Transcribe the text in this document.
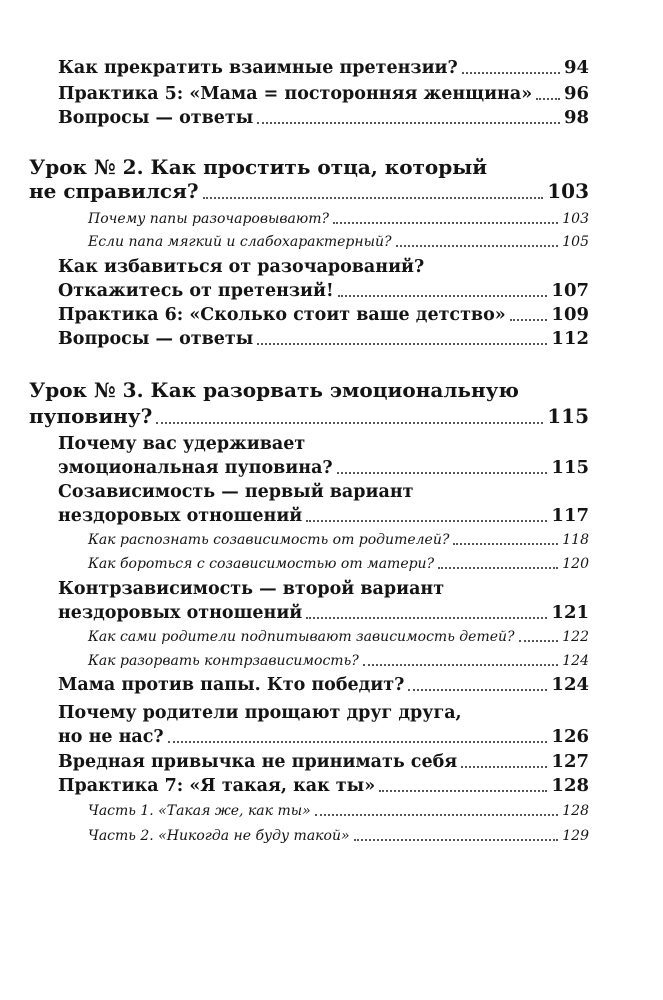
Как прекратить взаимные претензии?	94
Практика 5: «Мама = посторонняя женщина» 96
Вопросы — ответы	98
Урок № 2. Как простить отца, который
не справился?	103
Почему папы разочаровывают?	103
Если папа мягкий и слабохарактерный?	105
Как избавиться от разочарований?
Откажитесь от претензий!	107
Практика 6: «Сколько стоит ваше детство»	109
Вопросы — ответы	112
Урок № 3. Как разорвать эмоциональную
пуповину?	115
Почему вас удерживает
эмоциональная пуповина?	115
Созависимость — первый вариант
нездоровых отношений	117
Как распознать созависимость от родителей?	118
Как бороться с созависимостью от матери?	120
Контрзависимость — второй вариант
нездоровых отношений	121
Как сами родители подпитывают зависимость детей?	122
Как разорвать контрзависимость?	124
Мама против папы. Кто победит?	124
Почему родители прощают друг друга,
но не нас?	126
Вредная привычка не принимать себя	127
Практика 7: «Я такая, как ты»	128
Часть 1. «Такая же, как ты»	128
Часть 2. «Никогда не буду такой»	129
